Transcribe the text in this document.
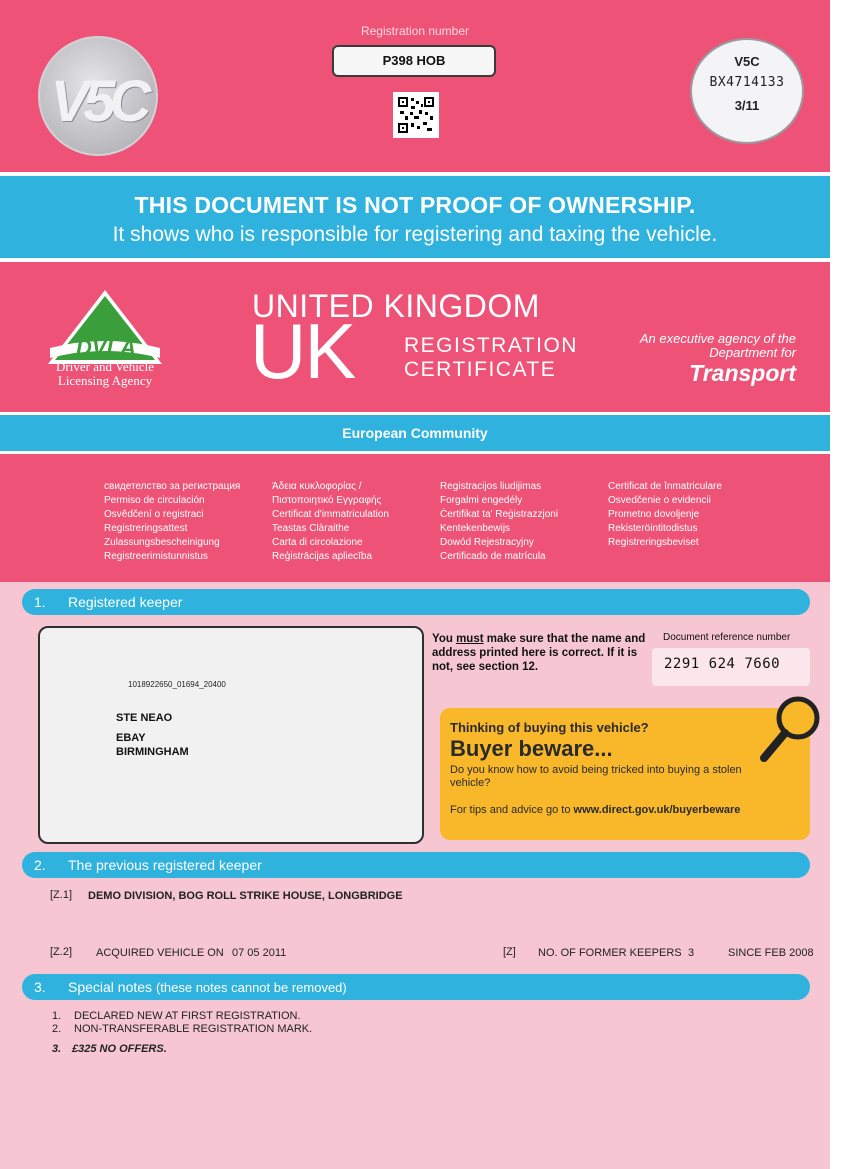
V5C
Registration number
P398 HOB	V5C
BX4714133
3/11
THIS DOCUMENT IS NOT PROOF OF OWNERSHIP.
It shows who is responsible for registering and taxing the vehicle.
DVLA
Driver and Vehicle
Licensing Agency
UNITED KINGDOM
UK REGISTRATION
CERTIFICATE
An executive agency of the
Department for
Transport
European Community
свидетелство за регистрация
Permiso de circulación
Osvědčení o registraci
Registreringsattest
Zulassungsbescheinigung
Registreerimistunnistus
Άδεια κυκλοφορίας /
Πιστοποιητικό Εγγραφής
Certificat d'immatriculation
Teastas Clàraithe
Carta di circolazione
Reģistrācijas apliecība
Registracijos liudijimas
Forgalmi engedély
Ċertifikat ta' Reġistrazzjoni
Kentekenbewijs
Dowód Rejestracyjny
Certificado de matrícula
Certificat de înmatriculare
Osvedčenie o evidencii
Prometno dovoljenje
Rekisteröintitodistus
Registreringsbeviset
1. Registered keeper
1018922650_01694_20400
STE NEAO
EBAY
BIRMINGHAM
You must make sure that the name and address printed here is correct. If it is not, see section 12.
Document reference number
2291 624 7660
Thinking of buying this vehicle?
Buyer beware...
Do you know how to avoid being tricked into buying a stolen vehicle?
For tips and advice go to www.direct.gov.uk/buyerbeware
2. The previous registered keeper
[Z.1] DEMO DIVISION, BOG ROLL STRIKE HOUSE, LONGBRIDGE
[Z.2] ACQUIRED VEHICLE ON 07 05 2011	[Z] NO. OF FORMER KEEPERS 3	SINCE FEB 2008
3. Special notes (these notes cannot be removed)
1. DECLARED NEW AT FIRST REGISTRATION.
2. NON-TRANSFERABLE REGISTRATION MARK.
3. £325 NO OFFERS.
